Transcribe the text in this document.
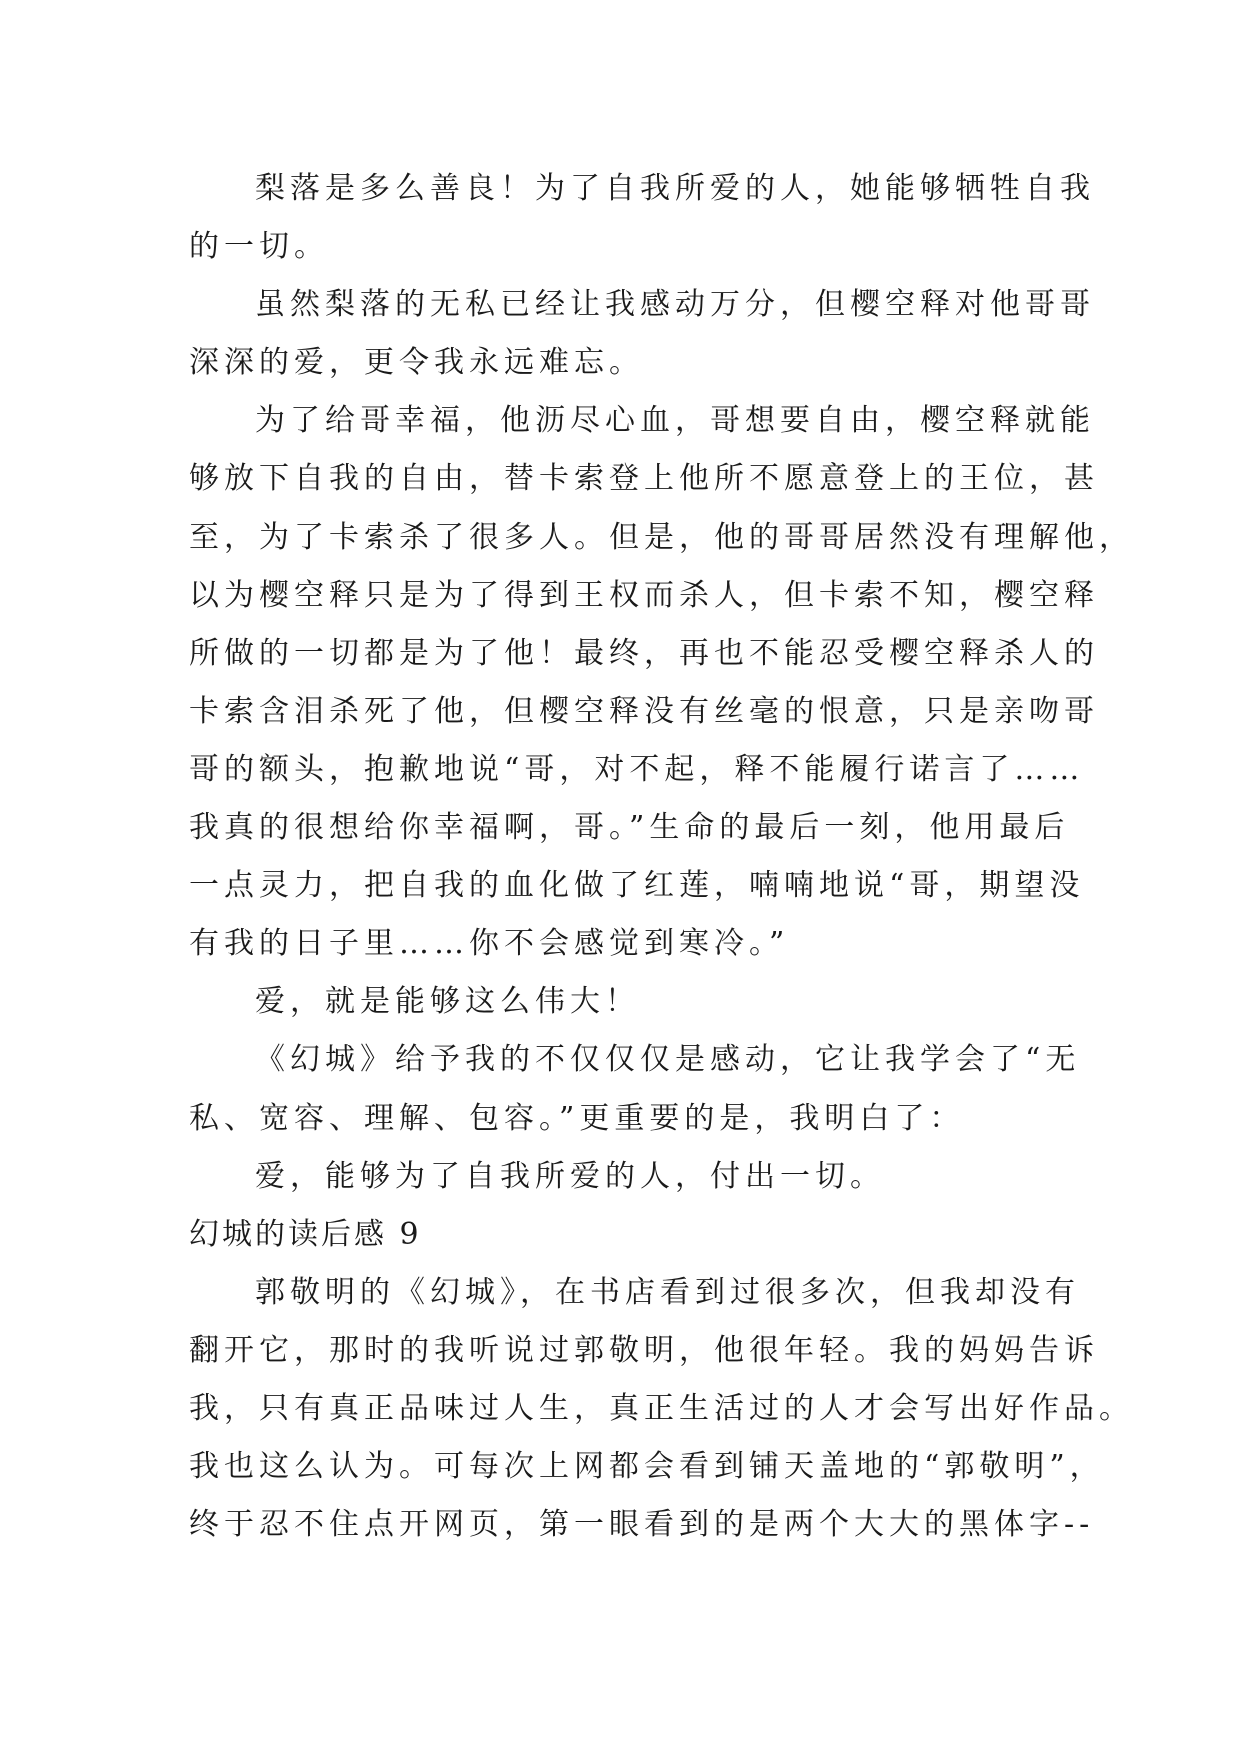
梨落是多么善良！为了自我所爱的人，她能够牺牲自我
的一切。
虽然梨落的无私已经让我感动万分，但樱空释对他哥哥
深深的爱，更令我永远难忘。
为了给哥幸福，他沥尽心血，哥想要自由，樱空释就能
够放下自我的自由，替卡索登上他所不愿意登上的王位，甚
至，为了卡索杀了很多人。但是，他的哥哥居然没有理解他，
以为樱空释只是为了得到王权而杀人，但卡索不知，樱空释
所做的一切都是为了他！最终，再也不能忍受樱空释杀人的
卡索含泪杀死了他，但樱空释没有丝毫的恨意，只是亲吻哥
哥的额头，抱歉地说“哥，对不起，释不能履行诺言了……
我真的很想给你幸福啊，哥。”生命的最后一刻，他用最后
一点灵力，把自我的血化做了红莲，喃喃地说“哥，期望没
有我的日子里……你不会感觉到寒冷。”
爱，就是能够这么伟大！
《幻城》给予我的不仅仅仅是感动，它让我学会了“无
私、宽容、理解、包容。”更重要的是，我明白了：
爱，能够为了自我所爱的人，付出一切。
幻城的读后感 9
郭敬明的《幻城》，在书店看到过很多次，但我却没有
翻开它，那时的我听说过郭敬明，他很年轻。我的妈妈告诉
我，只有真正品味过人生，真正生活过的人才会写出好作品。
我也这么认为。可每次上网都会看到铺天盖地的“郭敬明”，
终于忍不住点开网页，第一眼看到的是两个大大的黑体字--
